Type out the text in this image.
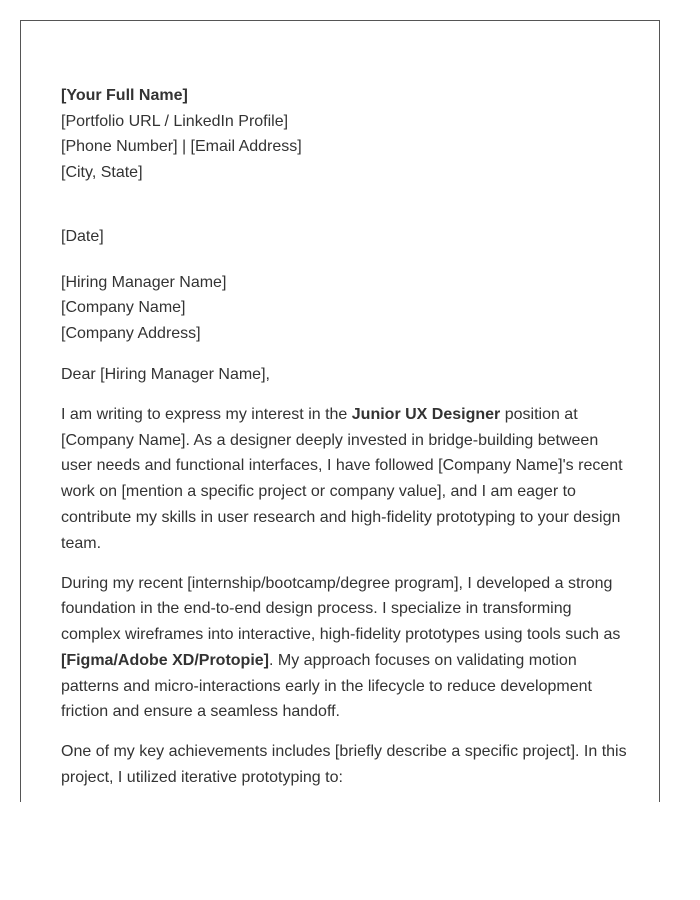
[Your Full Name]
[Portfolio URL / LinkedIn Profile]
[Phone Number] | [Email Address]
[City, State]
[Date]
[Hiring Manager Name]
[Company Name]
[Company Address]
Dear [Hiring Manager Name],

I am writing to express my interest in the Junior UX Designer position at [Company Name]. As a designer deeply invested in bridge-building between user needs and functional interfaces, I have followed [Company Name]'s recent work on [mention a specific project or company value], and I am eager to contribute my skills in user research and high-fidelity prototyping to your design team.

During my recent [internship/bootcamp/degree program], I developed a strong foundation in the end-to-end design process. I specialize in transforming complex wireframes into interactive, high-fidelity prototypes using tools such as [Figma/Adobe XD/Protopie]. My approach focuses on validating motion patterns and micro-interactions early in the lifecycle to reduce development friction and ensure a seamless handoff.

One of my key achievements includes [briefly describe a specific project]. In this project, I utilized iterative prototyping to:
